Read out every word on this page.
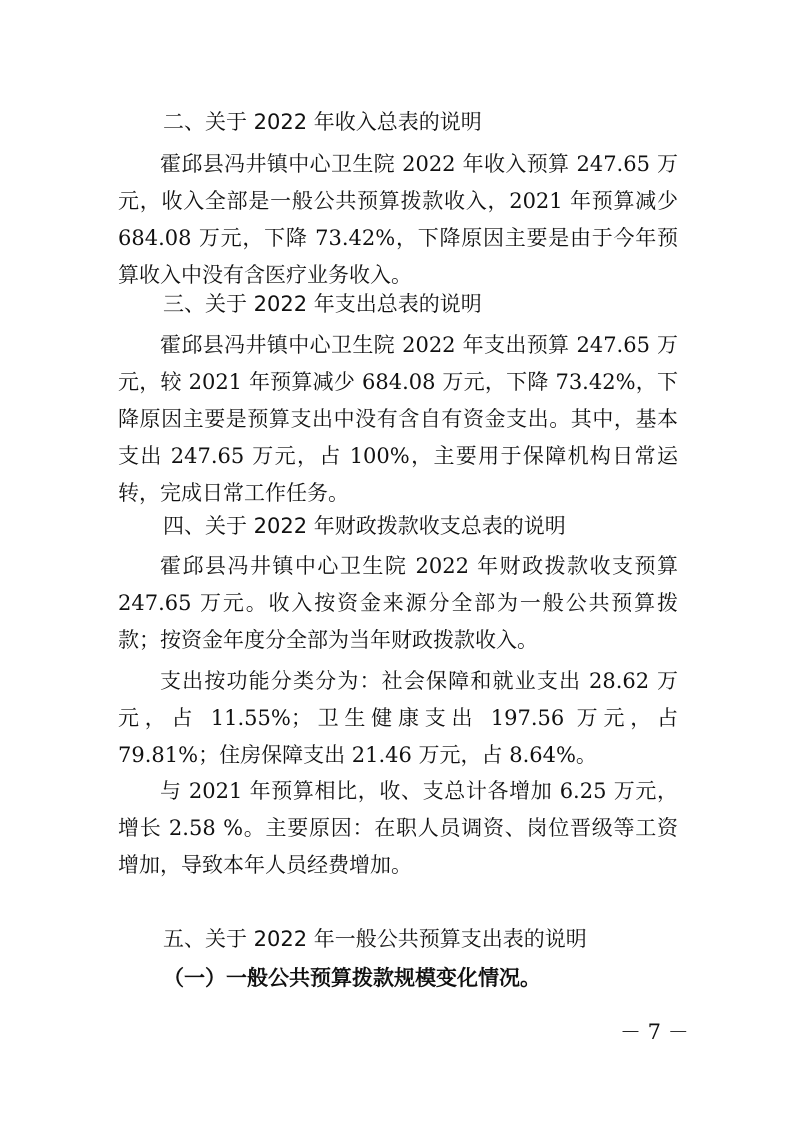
二、关于 2022 年收入总表的说明

霍邱县冯井镇中心卫生院 2022 年收入预算 247.65 万元，收入全部是一般公共预算拨款收入，2021 年预算减少 684.08 万元，下降 73.42%，下降原因主要是由于今年预算收入中没有含医疗业务收入。

三、关于 2022 年支出总表的说明

霍邱县冯井镇中心卫生院 2022 年支出预算 247.65 万元，较 2021 年预算减少 684.08 万元，下降 73.42%，下降原因主要是预算支出中没有含自有资金支出。其中，基本支出 247.65 万元，占 100%，主要用于保障机构日常运转，完成日常工作任务。

四、关于 2022 年财政拨款收支总表的说明

霍邱县冯井镇中心卫生院 2022 年财政拨款收支预算 247.65 万元。收入按资金来源分全部为一般公共预算拨款；按资金年度分全部为当年财政拨款收入。

支出按功能分类分为：社会保障和就业支出 28.62 万元，占 11.55%；卫生健康支出 197.56 万元，占 79.81%；住房保障支出 21.46 万元，占 8.64%。

与 2021 年预算相比，收、支总计各增加 6.25 万元，增长 2.58 %。主要原因：在职人员调资、岗位晋级等工资增加，导致本年人员经费增加。

五、关于 2022 年一般公共预算支出表的说明
（一）一般公共预算拨款规模变化情况。
－ 7 －
